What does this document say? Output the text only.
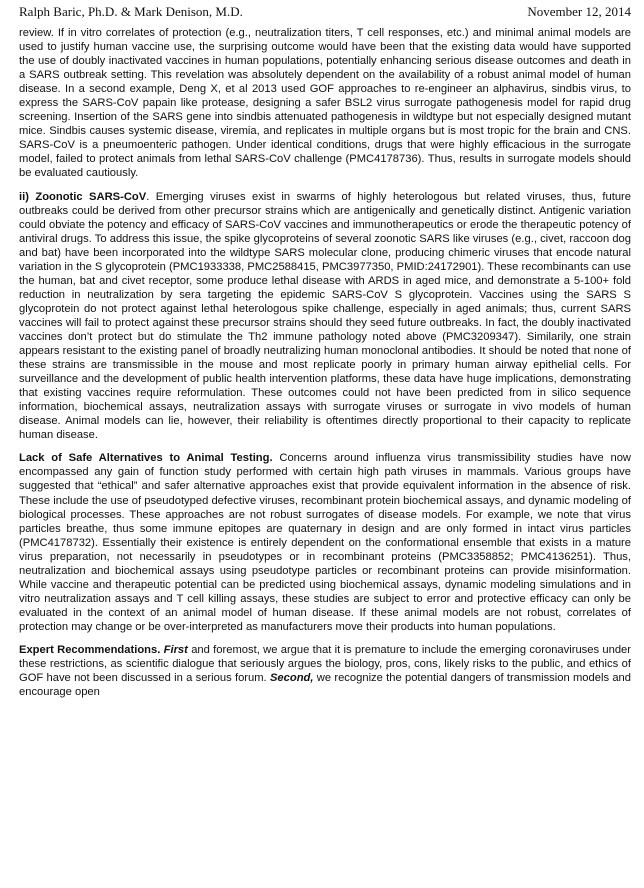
Ralph Baric, Ph.D. & Mark Denison, M.D.	November 12, 2014

review. If in vitro correlates of protection (e.g., neutralization titers, T cell responses, etc.) and minimal animal models are used to justify human vaccine use, the surprising outcome would have been that the existing data would have supported the use of doubly inactivated vaccines in human populations, potentially enhancing serious disease outcomes and death in a SARS outbreak setting. This revelation was absolutely dependent on the availability of a robust animal model of human disease. In a second example, Deng X, et al 2013 used GOF approaches to re-engineer an alphavirus, sindbis virus, to express the SARS-CoV papain like protease, designing a safer BSL2 virus surrogate pathogenesis model for rapid drug screening. Insertion of the SARS gene into sindbis attenuated pathogenesis in wildtype but not especially designed mutant mice. Sindbis causes systemic disease, viremia, and replicates in multiple organs but is most tropic for the brain and CNS. SARS-CoV is a pneumoenteric pathogen. Under identical conditions, drugs that were highly efficacious in the surrogate model, failed to protect animals from lethal SARS-CoV challenge (PMC4178736). Thus, results in surrogate models should be evaluated cautiously.

ii) Zoonotic SARS-CoV. Emerging viruses exist in swarms of highly heterologous but related viruses, thus, future outbreaks could be derived from other precursor strains which are antigenically and genetically distinct. Antigenic variation could obviate the potency and efficacy of SARS-CoV vaccines and immunotherapeutics or erode the therapeutic potency of antiviral drugs. To address this issue, the spike glycoproteins of several zoonotic SARS like viruses (e.g., civet, raccoon dog and bat) have been incorporated into the wildtype SARS molecular clone, producing chimeric viruses that encode natural variation in the S glycoprotein (PMC1933338, PMC2588415, PMC3977350, PMID:24172901). These recombinants can use the human, bat and civet receptor, some produce lethal disease with ARDS in aged mice, and demonstrate a 5-100+ fold reduction in neutralization by sera targeting the epidemic SARS-CoV S glycoprotein. Vaccines using the SARS S glycoprotein do not protect against lethal heterologous spike challenge, especially in aged animals; thus, current SARS vaccines will fail to protect against these precursor strains should they seed future outbreaks. In fact, the doubly inactivated vaccines don’t protect but do stimulate the Th2 immune pathology noted above (PMC3209347). Similarily, one strain appears resistant to the existing panel of broadly neutralizing human monoclonal antibodies. It should be noted that none of these strains are transmissible in the mouse and most replicate poorly in primary human airway epithelial cells. For surveillance and the development of public health intervention platforms, these data have huge implications, demonstrating that existing vaccines require reformulation. These outcomes could not have been predicted from in silico sequence information, biochemical assays, neutralization assays with surrogate viruses or surrogate in vivo models of human disease. Animal models can lie, however, their reliability is oftentimes directly proportional to their capacity to replicate human disease.

Lack of Safe Alternatives to Animal Testing. Concerns around influenza virus transmissibility studies have now encompassed any gain of function study performed with certain high path viruses in mammals. Various groups have suggested that “ethical” and safer alternative approaches exist that provide equivalent information in the absence of risk. These include the use of pseudotyped defective viruses, recombinant protein biochemical assays, and dynamic modeling of biological processes. These approaches are not robust surrogates of disease models. For example, we note that virus particles breathe, thus some immune epitopes are quaternary in design and are only formed in intact virus particles (PMC4178732). Essentially their existence is entirely dependent on the conformational ensemble that exists in a mature virus preparation, not necessarily in pseudotypes or in recombinant proteins (PMC3358852; PMC4136251). Thus, neutralization and biochemical assays using pseudotype particles or recombinant proteins can provide misinformation. While vaccine and therapeutic potential can be predicted using biochemical assays, dynamic modeling simulations and in vitro neutralization assays and T cell killing assays, these studies are subject to error and protective efficacy can only be evaluated in the context of an animal model of human disease. If these animal models are not robust, correlates of protection may change or be over-interpreted as manufacturers move their products into human populations.

Expert Recommendations. First and foremost, we argue that it is premature to include the emerging coronaviruses under these restrictions, as scientific dialogue that seriously argues the biology, pros, cons, likely risks to the public, and ethics of GOF have not been discussed in a serious forum. Second, we recognize the potential dangers of transmission models and encourage open
